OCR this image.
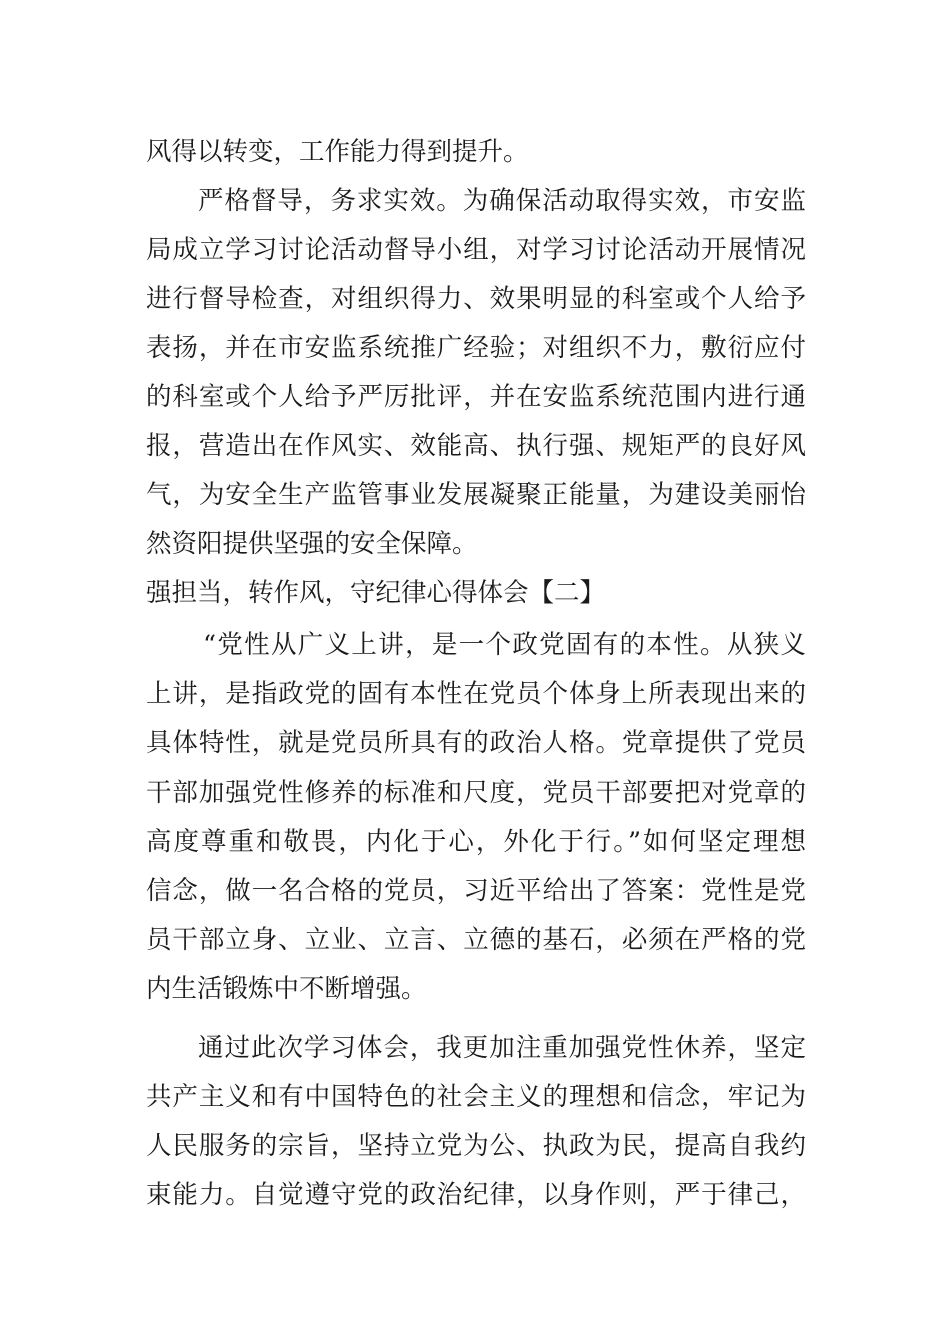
风得以转变，工作能力得到提升。
严格督导，务求实效。为确保活动取得实效，市安监
局成立学习讨论活动督导小组，对学习讨论活动开展情况
进行督导检查，对组织得力、效果明显的科室或个人给予
表扬，并在市安监系统推广经验；对组织不力，敷衍应付
的科室或个人给予严厉批评，并在安监系统范围内进行通
报，营造出在作风实、效能高、执行强、规矩严的良好风
气，为安全生产监管事业发展凝聚正能量，为建设美丽怡
然资阳提供坚强的安全保障。
强担当，转作风，守纪律心得体会【二】
“党性从广义上讲，是一个政党固有的本性。从狭义
上讲，是指政党的固有本性在党员个体身上所表现出来的
具体特性，就是党员所具有的政治人格。党章提供了党员
干部加强党性修养的标准和尺度，党员干部要把对党章的
高度尊重和敬畏，内化于心，外化于行。”如何坚定理想
信念，做一名合格的党员，习近平给出了答案：党性是党
员干部立身、立业、立言、立德的基石，必须在严格的党
内生活锻炼中不断增强。
通过此次学习体会，我更加注重加强党性休养，坚定
共产主义和有中国特色的社会主义的理想和信念，牢记为
人民服务的宗旨，坚持立党为公、执政为民，提高自我约
束能力。自觉遵守党的政治纪律，以身作则，严于律己，
